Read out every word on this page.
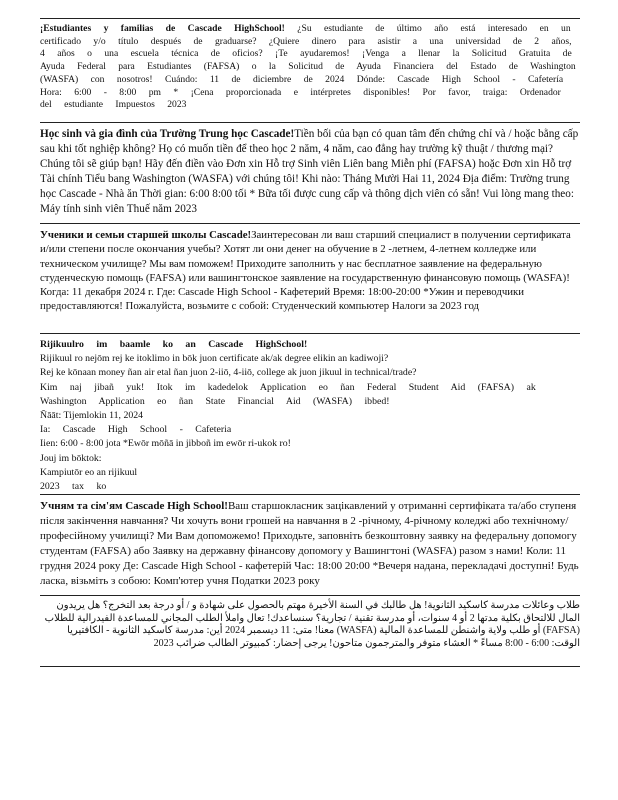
¡Estudiantes y familias de Cascade HighSchool! ¿Su estudiante de último año está interesado en un certificado y/o título después de graduarse? ¿Quiere dinero para asistir a una universidad de 2 años, 4 años o una escuela técnica de oficios? ¡Te ayudaremos! ¡Venga a llenar la Solicitud Gratuita de Ayuda Federal para Estudiantes (FAFSA) o la Solicitud de Ayuda Financiera del Estado de Washington (WASFA) con nosotros! Cuándo: 11 de diciembre de 2024 Dónde: Cascade High School - Cafetería Hora: 6:00 - 8:00 pm * ¡Cena proporcionada e intérpretes disponibles! Por favor, traiga: Ordenador del estudiante Impuestos 2023

Học sinh và gia đình của Trường Trung học Cascade!Tiền bối của bạn có quan tâm đến chứng chỉ và / hoặc bằng cấp sau khi tốt nghiệp không? Họ có muốn tiền để theo học 2 năm, 4 năm, cao đẳng hay trường kỹ thuật / thương mại? Chúng tôi sẽ giúp bạn! Hãy đến điền vào Đơn xin Hỗ trợ Sinh viên Liên bang Miễn phí (FAFSA) hoặc Đơn xin Hỗ trợ Tài chính Tiểu bang Washington (WASFA) với chúng tôi! Khi nào: Tháng Mười Hai 11, 2024 Địa điểm: Trường trung học Cascade - Nhà ăn Thời gian: 6:00 8:00 tối * Bữa tối được cung cấp và thông dịch viên có sẵn! Vui lòng mang theo: Máy tính sinh viên Thuế năm 2023

Ученики и семьи старшей школы Cascade!Заинтересован ли ваш старший специалист в получении сертификата и/или степени после окончания учебы? Хотят ли они денег на обучение в 2 -летнем, 4-летнем колледже или техническом училище? Мы вам поможем! Приходите заполнить у нас бесплатное заявление на федеральную студенческую помощь (FAFSA) или вашингтонское заявление на государственную финансовую помощь (WASFA)! Когда: 11 декабря 2024 г. Где: Cascade High School - Кафетерий Время: 18:00-20:00 *Ужин и переводчики предоставляются! Пожалуйста, возьмите с собой: Студенческий компьютер Налоги за 2023 год

Rijikuulro im baamle ko an Cascade HighSchool!

Rijikuul ro nejōm rej ke itoklimo in bōk juon certificate ak/ak degree elikin an kadiwoji?

Rej ke kōnaan money ñan air etal ñan juon 2-iiō, 4-iiō, college ak juon jikuul in technical/trade?

Kim naj jibañ yuk! Itok im kadedelok Application eo ñan Federal Student Aid (FAFSA) ak Washington Application eo ñan State Financial Aid (WASFA) ibbed!

Ñāāt: Tijemlokin 11, 2024

Ia: Cascade High School - Cafeteria

Iien: 6:00 - 8:00 jota *Ewōr mōñā in jibboñ im ewōr ri-ukok ro!

Jouj im bōktok:

Kampiutōr eo an rijikuul

2023 tax ko

Учням та сім'ям Cascade High School!Ваш старшокласник зацікавлений у отриманні сертифіката та/або ступеня після закінчення навчання? Чи хочуть вони грошей на навчання в 2 -річному, 4-річному коледжі або технічному/професійному училищі? Ми Вам допоможемо! Приходьте, заповніть безкоштовну заявку на федеральну допомогу студентам (FAFSA) або Заявку на державну фінансову допомогу у Вашингтоні (WASFA) разом з нами! Коли: 11 грудня 2024 року Де: Cascade High School - кафетерій Час: 18:00 20:00 *Вечеря надана, перекладачі доступні! Будь ласка, візьміть з собою: Комп'ютер учня Податки 2023 року

طلاب وعائلات مدرسة كاسكيد الثانوية! هل طالبك في السنة الأخيرة مهتم بالحصول على شهادة و / أو درجة بعد التخرج؟ هل يريدون المال للالتحاق بكلية مدتها 2 أو 4 سنوات، أو مدرسة تقنية / تجارية؟ سنساعدك! تعال واملأ الطلب المجاني للمساعدة الفيدرالية للطلاب (FAFSA) أو طلب ولاية واشنطن للمساعدة المالية (WASFA) معنا! متى: 11 ديسمبر 2024 أين: مدرسة كاسكيد الثانوية - الكافتيريا الوقت: 6:00 - 8:00 مساءً * العشاء متوفر والمترجمون متاحون! يرجى إحضار: كمبيوتر الطالب ضرائب 2023
